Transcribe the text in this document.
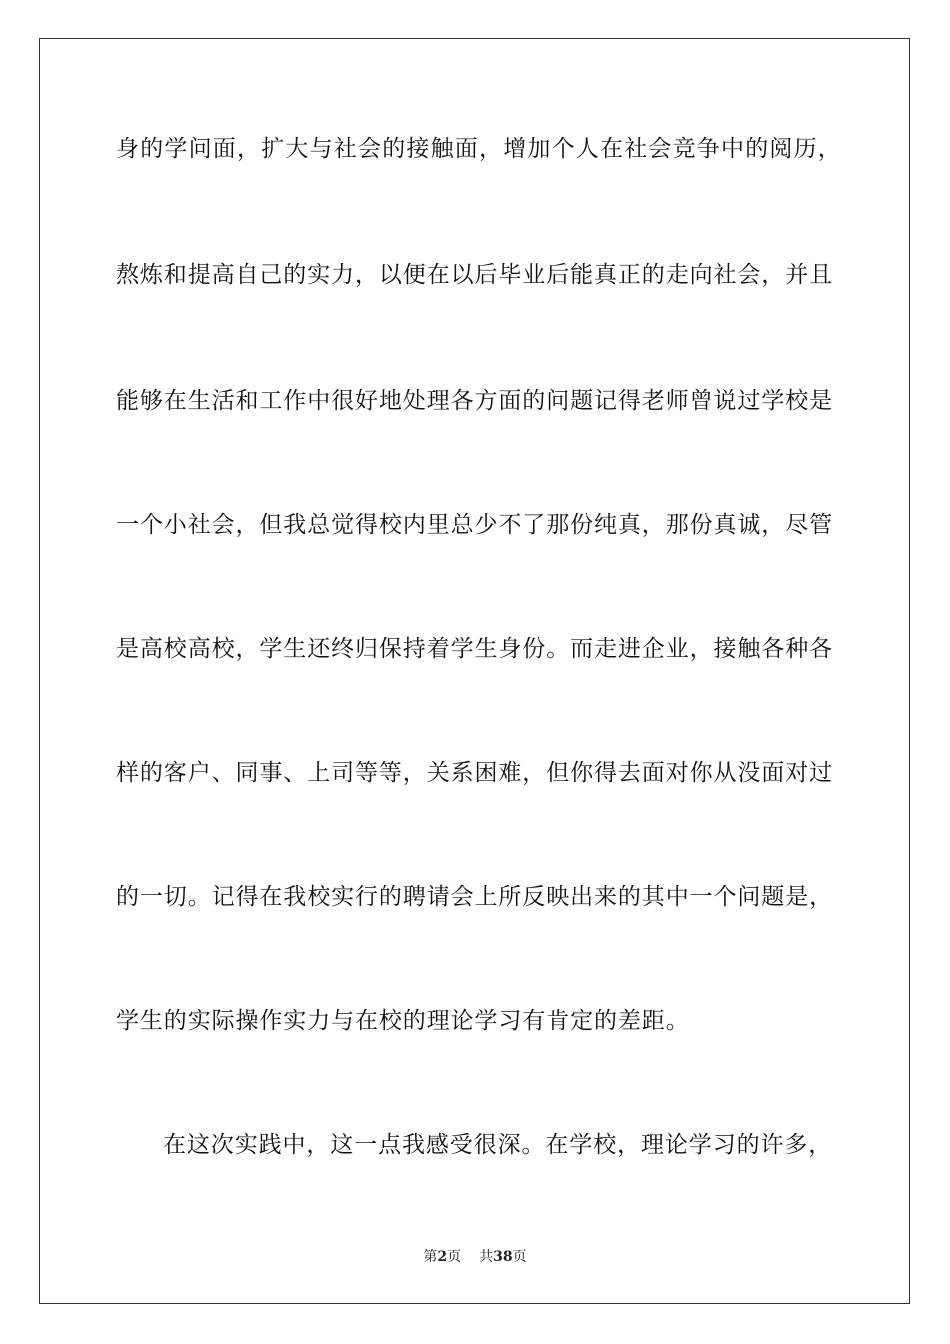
身的学问面，扩大与社会的接触面，增加个人在社会竞争中的阅历，
熬炼和提高自己的实力，以便在以后毕业后能真正的走向社会，并且
能够在生活和工作中很好地处理各方面的问题记得老师曾说过学校是
一个小社会，但我总觉得校内里总少不了那份纯真，那份真诚，尽管
是高校高校，学生还终归保持着学生身份。而走进企业，接触各种各
样的客户、同事、上司等等，关系困难，但你得去面对你从没面对过
的一切。记得在我校实行的聘请会上所反映出来的其中一个问题是，
学生的实际操作实力与在校的理论学习有肯定的差距。
在这次实践中，这一点我感受很深。在学校，理论学习的许多，
第2页 共38页
